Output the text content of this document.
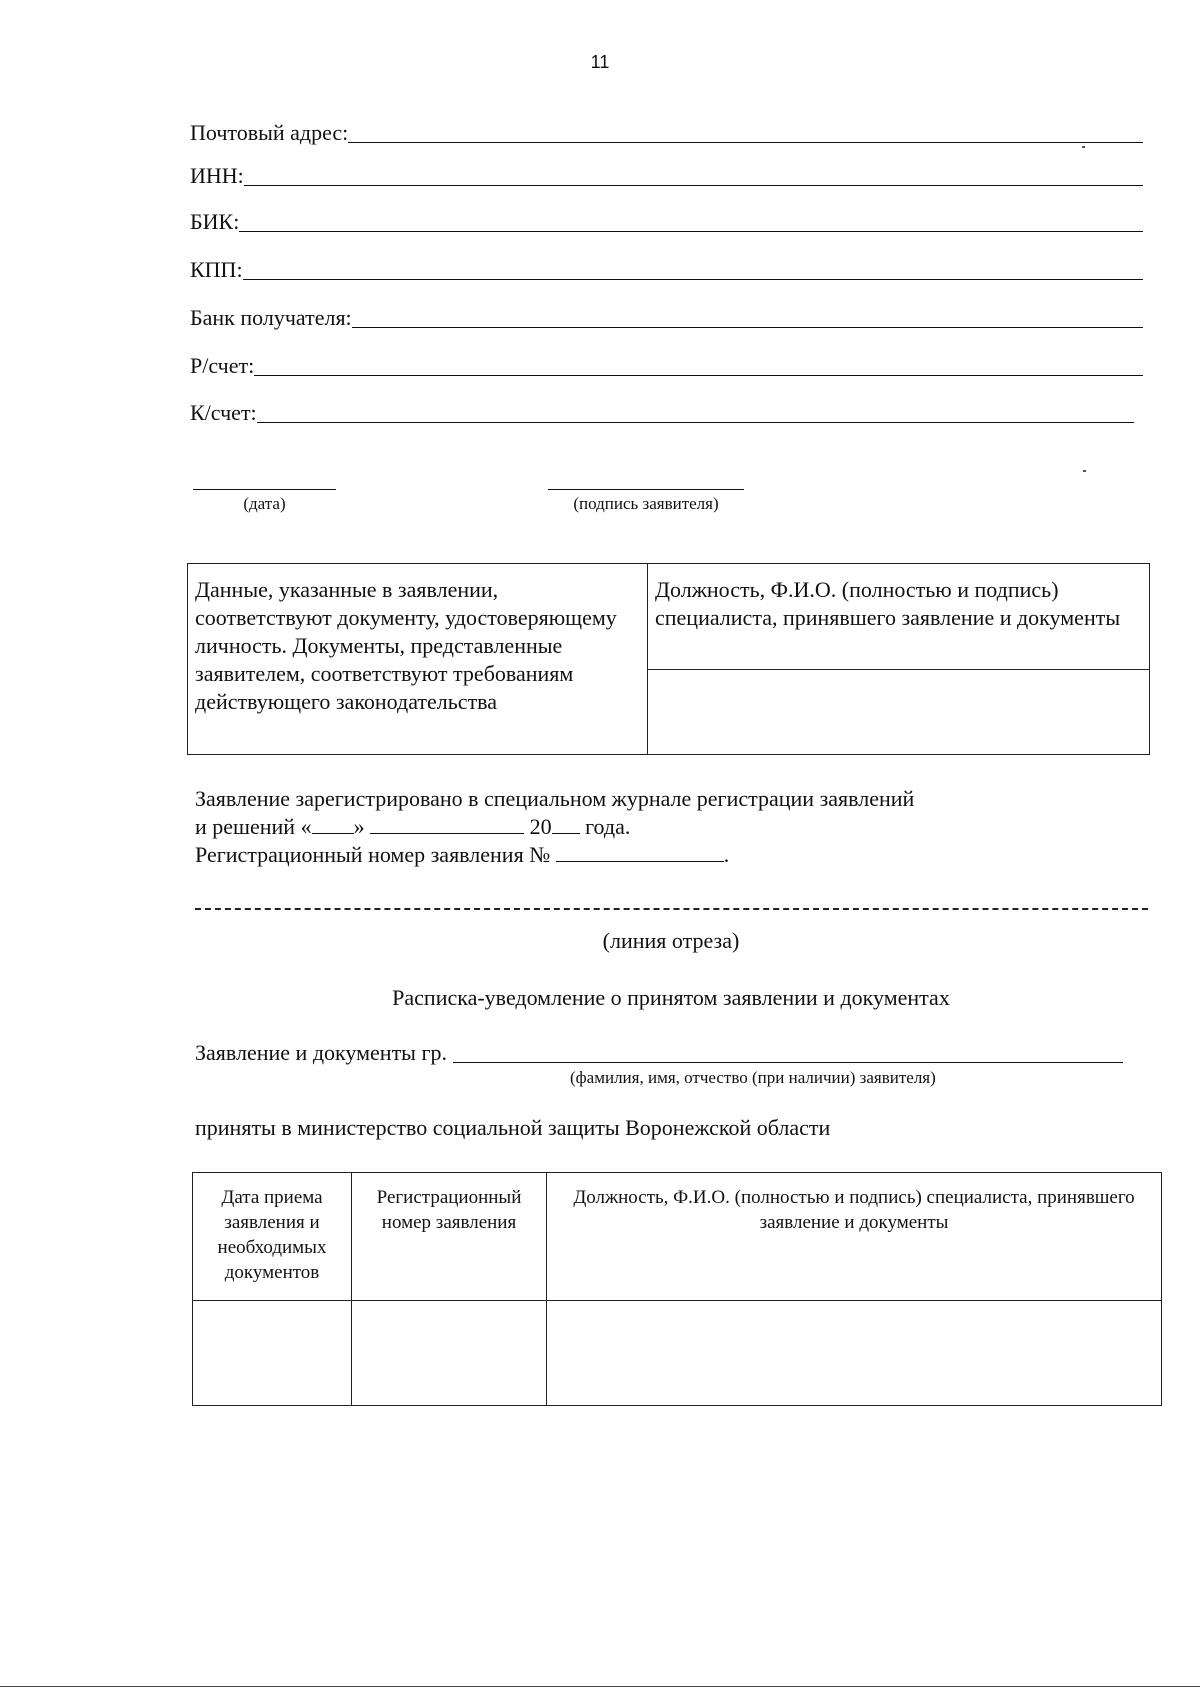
11
Почтовый адрес:
ИНН:
БИК:
КПП:
Банк получателя:
Р/счет:
К/счет:
(дата)	(подпись заявителя)
Данные, указанные в заявлении, соответствуют документу, удостоверяющему личность. Документы, представленные заявителем, соответствуют требованиям действующего законодательства	Должность, Ф.И.О. (полностью и подпись) специалиста, принявшего заявление и документы

Заявление зарегистрировано в специальном журнале регистрации заявлений
и решений « »	20 года.
Регистрационный номер заявления №	.
(линия отреза)
Расписка-уведомление о принятом заявлении и документах
Заявление и документы гр.
(фамилия, имя, отчество (при наличии) заявителя)
приняты в министерство социальной защиты Воронежской области
Дата приема заявления и необходимых документов	Регистрационный номер заявления	Должность, Ф.И.О. (полностью и подпись) специалиста, принявшего заявление и документы
